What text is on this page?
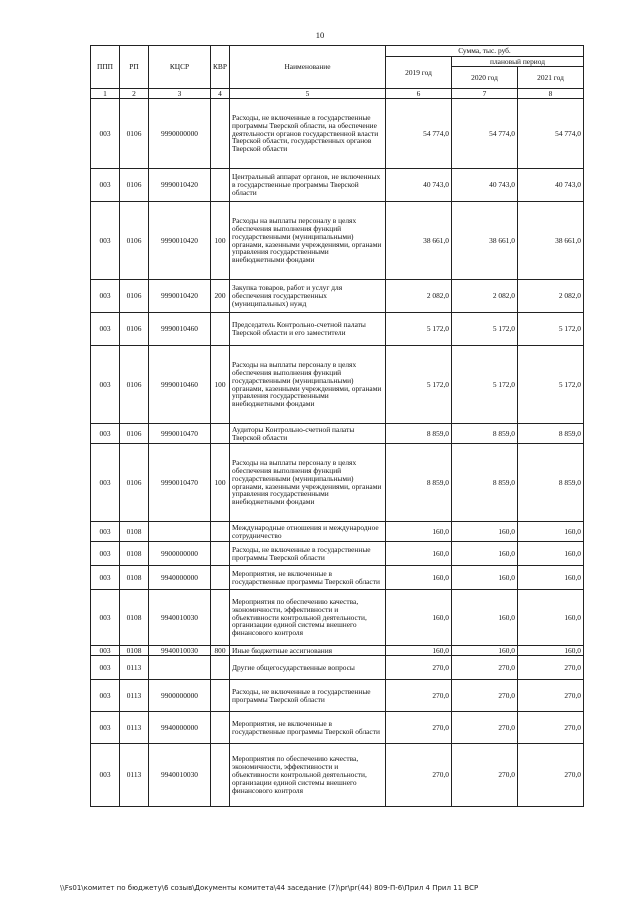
10
ППП	РП	КЦСР	КВР	Наименование	Сумма, тыс. руб.		
					2019 год	плановый период	
						2020 год	2021 год
1	2	3	4	5	6	7	8
003	0106	9990000000		Расходы, не включенные в государственные программы Тверской области, на обеспечение деятельности органов государственной власти Тверской области, государственных органов Тверской области	54 774,0	54 774,0	54 774,0
003	0106	9990010420		Центральный аппарат органов, не включенных в государственные программы Тверской области	40 743,0	40 743,0	40 743,0
003	0106	9990010420	100	Расходы на выплаты персоналу в целях обеспечения выполнения функций государственными (муниципальными) органами, казенными учреждениями, органами управления государственными внебюджетными фондами	38 661,0	38 661,0	38 661,0
003	0106	9990010420	200	Закупка товаров, работ и услуг для обеспечения государственных (муниципальных) нужд	2 082,0	2 082,0	2 082,0
003	0106	9990010460		Председатель Контрольно-счетной палаты Тверской области и его заместители	5 172,0	5 172,0	5 172,0
003	0106	9990010460	100	Расходы на выплаты персоналу в целях обеспечения выполнения функций государственными (муниципальными) органами, казенными учреждениями, органами управления государственными внебюджетными фондами	5 172,0	5 172,0	5 172,0
003	0106	9990010470		Аудиторы Контрольно-счетной палаты Тверской области	8 859,0	8 859,0	8 859,0
003	0106	9990010470	100	Расходы на выплаты персоналу в целях обеспечения выполнения функций государственными (муниципальными) органами, казенными учреждениями, органами управления государственными внебюджетными фондами	8 859,0	8 859,0	8 859,0
003	0108			Международные отношения и международное сотрудничество	160,0	160,0	160,0
003	0108	9900000000		Расходы, не включенные в государственные программы Тверской области	160,0	160,0	160,0
003	0108	9940000000		Мероприятия, не включенные в государственные программы Тверской области	160,0	160,0	160,0
003	0108	9940010030		Мероприятия по обеспечению качества, экономичности, эффективности и объективности контрольной деятельности, организации единой системы внешнего финансового контроля	160,0	160,0	160,0
003	0108	9940010030	800	Иные бюджетные ассигнования	160,0	160,0	160,0
003	0113			Другие общегосударственные вопросы	270,0	270,0	270,0
003	0113	9900000000		Расходы, не включенные в государственные программы Тверской области	270,0	270,0	270,0
003	0113	9940000000		Мероприятия, не включенные в государственные программы Тверской области	270,0	270,0	270,0
003	0113	9940010030		Мероприятия по обеспечению качества, экономичности, эффективности и объективности контрольной деятельности, организации единой системы внешнего финансового контроля	270,0	270,0	270,0
\\Fs01\комитет по бюджету\6 созыв\Документы комитета\44 заседание (7)\pr\pr(44) 809-П-6\Прил 4 Прил 11 ВСР
